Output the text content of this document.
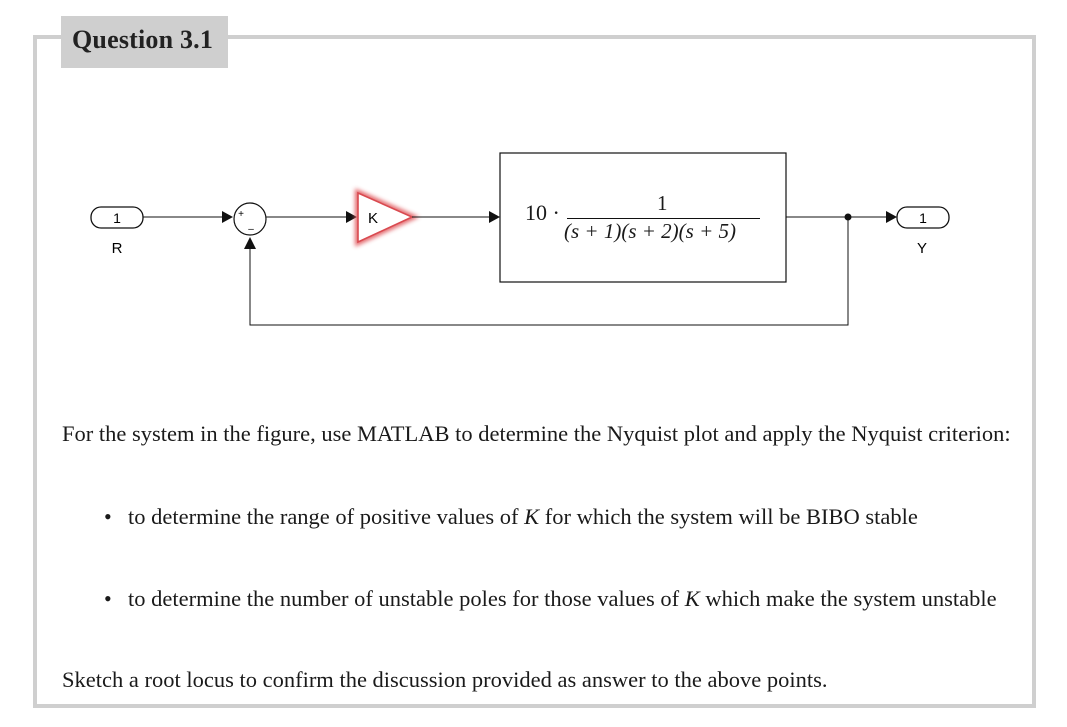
Question 3.1
1
R
+
–
K	1
Y
10 ·	1
(s + 1)(s + 2)(s + 5)
For the system in the figure, use MATLAB to determine the Nyquist plot and apply the Nyquist criterion:
• to determine the range of positive values of K for which the system will be BIBO stable
• to determine the number of unstable poles for those values of K which make the system unstable
Sketch a root locus to confirm the discussion provided as answer to the above points.
